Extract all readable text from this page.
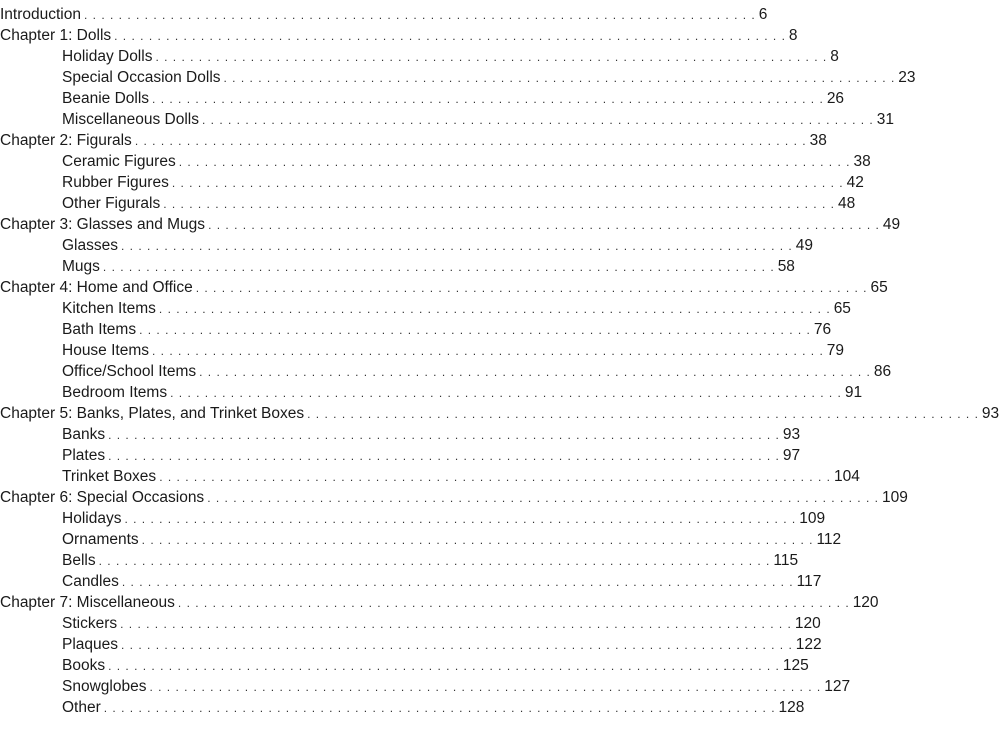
Introduction . . . . . . . . . . . . . . . . . . . . . . . . . . . . . . . . . . . . . . . . . . . . . . . . . . . . . . . . . . . . . . . . . . . . . . . . . . . . . . 6
Chapter 1: Dolls . . . . . . . . . . . . . . . . . . . . . . . . . . . . . . . . . . . . . . . . . . . . . . . . . . . . . . . . . . . . . . . . . . . . . . . . . . . . . . 8
Holiday Dolls . . . . . . . . . . . . . . . . . . . . . . . . . . . . . . . . . . . . . . . . . . . . . . . . . . . . . . . . . . . . . . . . . . . . . . . . . . . . . . 8
Special Occasion Dolls . . . . . . . . . . . . . . . . . . . . . . . . . . . . . . . . . . . . . . . . . . . . . . . . . . . . . . . . . . . . . . . . . . . . . . . . . . . . . . 23
Beanie Dolls . . . . . . . . . . . . . . . . . . . . . . . . . . . . . . . . . . . . . . . . . . . . . . . . . . . . . . . . . . . . . . . . . . . . . . . . . . . . . . 26
Miscellaneous Dolls . . . . . . . . . . . . . . . . . . . . . . . . . . . . . . . . . . . . . . . . . . . . . . . . . . . . . . . . . . . . . . . . . . . . . . . . . . . . . . 31
Chapter 2: Figurals . . . . . . . . . . . . . . . . . . . . . . . . . . . . . . . . . . . . . . . . . . . . . . . . . . . . . . . . . . . . . . . . . . . . . . . . . . . . . . 38
Ceramic Figures . . . . . . . . . . . . . . . . . . . . . . . . . . . . . . . . . . . . . . . . . . . . . . . . . . . . . . . . . . . . . . . . . . . . . . . . . . . . . . 38
Rubber Figures . . . . . . . . . . . . . . . . . . . . . . . . . . . . . . . . . . . . . . . . . . . . . . . . . . . . . . . . . . . . . . . . . . . . . . . . . . . . . . 42
Other Figurals . . . . . . . . . . . . . . . . . . . . . . . . . . . . . . . . . . . . . . . . . . . . . . . . . . . . . . . . . . . . . . . . . . . . . . . . . . . . . . 48
Chapter 3: Glasses and Mugs . . . . . . . . . . . . . . . . . . . . . . . . . . . . . . . . . . . . . . . . . . . . . . . . . . . . . . . . . . . . . . . . . . . . . . . . . . . . . . 49
Glasses . . . . . . . . . . . . . . . . . . . . . . . . . . . . . . . . . . . . . . . . . . . . . . . . . . . . . . . . . . . . . . . . . . . . . . . . . . . . . . 49
Mugs . . . . . . . . . . . . . . . . . . . . . . . . . . . . . . . . . . . . . . . . . . . . . . . . . . . . . . . . . . . . . . . . . . . . . . . . . . . . . . 58
Chapter 4: Home and Office . . . . . . . . . . . . . . . . . . . . . . . . . . . . . . . . . . . . . . . . . . . . . . . . . . . . . . . . . . . . . . . . . . . . . . . . . . . . . . 65
Kitchen Items . . . . . . . . . . . . . . . . . . . . . . . . . . . . . . . . . . . . . . . . . . . . . . . . . . . . . . . . . . . . . . . . . . . . . . . . . . . . . . 65
Bath Items . . . . . . . . . . . . . . . . . . . . . . . . . . . . . . . . . . . . . . . . . . . . . . . . . . . . . . . . . . . . . . . . . . . . . . . . . . . . . . 76
House Items . . . . . . . . . . . . . . . . . . . . . . . . . . . . . . . . . . . . . . . . . . . . . . . . . . . . . . . . . . . . . . . . . . . . . . . . . . . . . . 79
Office/School Items . . . . . . . . . . . . . . . . . . . . . . . . . . . . . . . . . . . . . . . . . . . . . . . . . . . . . . . . . . . . . . . . . . . . . . . . . . . . . . 86
Bedroom Items . . . . . . . . . . . . . . . . . . . . . . . . . . . . . . . . . . . . . . . . . . . . . . . . . . . . . . . . . . . . . . . . . . . . . . . . . . . . . . 91
Chapter 5: Banks, Plates, and Trinket Boxes . . . . . . . . . . . . . . . . . . . . . . . . . . . . . . . . . . . . . . . . . . . . . . . . . . . . . . . . . . . . . . . . . . . . . . . . . . . . . . 93
Banks . . . . . . . . . . . . . . . . . . . . . . . . . . . . . . . . . . . . . . . . . . . . . . . . . . . . . . . . . . . . . . . . . . . . . . . . . . . . . . 93
Plates . . . . . . . . . . . . . . . . . . . . . . . . . . . . . . . . . . . . . . . . . . . . . . . . . . . . . . . . . . . . . . . . . . . . . . . . . . . . . . 97
Trinket Boxes . . . . . . . . . . . . . . . . . . . . . . . . . . . . . . . . . . . . . . . . . . . . . . . . . . . . . . . . . . . . . . . . . . . . . . . . . . . . . . 104
Chapter 6: Special Occasions . . . . . . . . . . . . . . . . . . . . . . . . . . . . . . . . . . . . . . . . . . . . . . . . . . . . . . . . . . . . . . . . . . . . . . . . . . . . . . 109
Holidays . . . . . . . . . . . . . . . . . . . . . . . . . . . . . . . . . . . . . . . . . . . . . . . . . . . . . . . . . . . . . . . . . . . . . . . . . . . . . . 109
Ornaments . . . . . . . . . . . . . . . . . . . . . . . . . . . . . . . . . . . . . . . . . . . . . . . . . . . . . . . . . . . . . . . . . . . . . . . . . . . . . . 112
Bells . . . . . . . . . . . . . . . . . . . . . . . . . . . . . . . . . . . . . . . . . . . . . . . . . . . . . . . . . . . . . . . . . . . . . . . . . . . . . . 115
Candles . . . . . . . . . . . . . . . . . . . . . . . . . . . . . . . . . . . . . . . . . . . . . . . . . . . . . . . . . . . . . . . . . . . . . . . . . . . . . . 117
Chapter 7: Miscellaneous . . . . . . . . . . . . . . . . . . . . . . . . . . . . . . . . . . . . . . . . . . . . . . . . . . . . . . . . . . . . . . . . . . . . . . . . . . . . . . 120
Stickers . . . . . . . . . . . . . . . . . . . . . . . . . . . . . . . . . . . . . . . . . . . . . . . . . . . . . . . . . . . . . . . . . . . . . . . . . . . . . . 120
Plaques . . . . . . . . . . . . . . . . . . . . . . . . . . . . . . . . . . . . . . . . . . . . . . . . . . . . . . . . . . . . . . . . . . . . . . . . . . . . . . 122
Books . . . . . . . . . . . . . . . . . . . . . . . . . . . . . . . . . . . . . . . . . . . . . . . . . . . . . . . . . . . . . . . . . . . . . . . . . . . . . . 125
Snowglobes . . . . . . . . . . . . . . . . . . . . . . . . . . . . . . . . . . . . . . . . . . . . . . . . . . . . . . . . . . . . . . . . . . . . . . . . . . . . . . 127
Other . . . . . . . . . . . . . . . . . . . . . . . . . . . . . . . . . . . . . . . . . . . . . . . . . . . . . . . . . . . . . . . . . . . . . . . . . . . . . . 128
